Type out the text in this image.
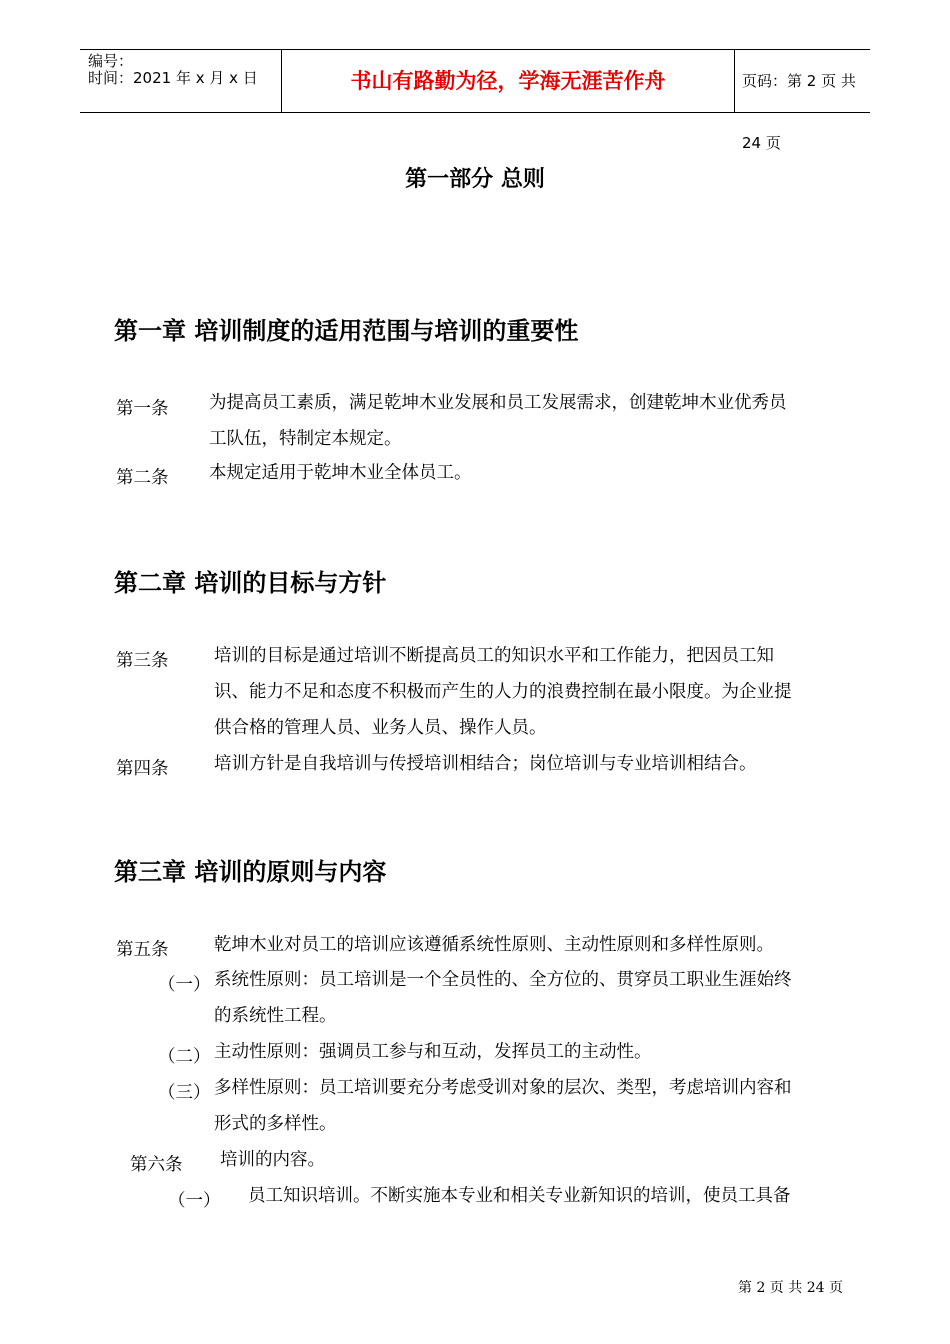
编号：
时间：2021 年 x 月 x 日	书山有路勤为径，学海无涯苦作舟	页码：第 2 页 共 24 页
第一部分 总则
第一章 培训制度的适用范围与培训的重要性
第一条 为提高员工素质，满足乾坤木业发展和员工发展需求，创建乾坤木业优秀员
工队伍，特制定本规定。
第二条 本规定适用于乾坤木业全体员工。
第二章 培训的目标与方针
第三条	培训的目标是通过培训不断提高员工的知识水平和工作能力，把因员工知
识、能力不足和态度不积极而产生的人力的浪费控制在最小限度。为企业提
供合格的管理人员、业务人员、操作人员。
第四条	培训方针是自我培训与传授培训相结合；岗位培训与专业培训相结合。
第三章 培训的原则与内容
第五条	乾坤木业对员工的培训应该遵循系统性原则、主动性原则和多样性原则。
（一） 系统性原则：员工培训是一个全员性的、全方位的、贯穿员工职业生涯始终
的系统性工程。
（二） 主动性原则：强调员工参与和互动，发挥员工的主动性。
（三） 多样性原则：员工培训要充分考虑受训对象的层次、类型，考虑培训内容和
形式的多样性。
第六条 培训的内容。
（一） 员工知识培训。不断实施本专业和相关专业新知识的培训，使员工具备
第 2 页 共 24 页
